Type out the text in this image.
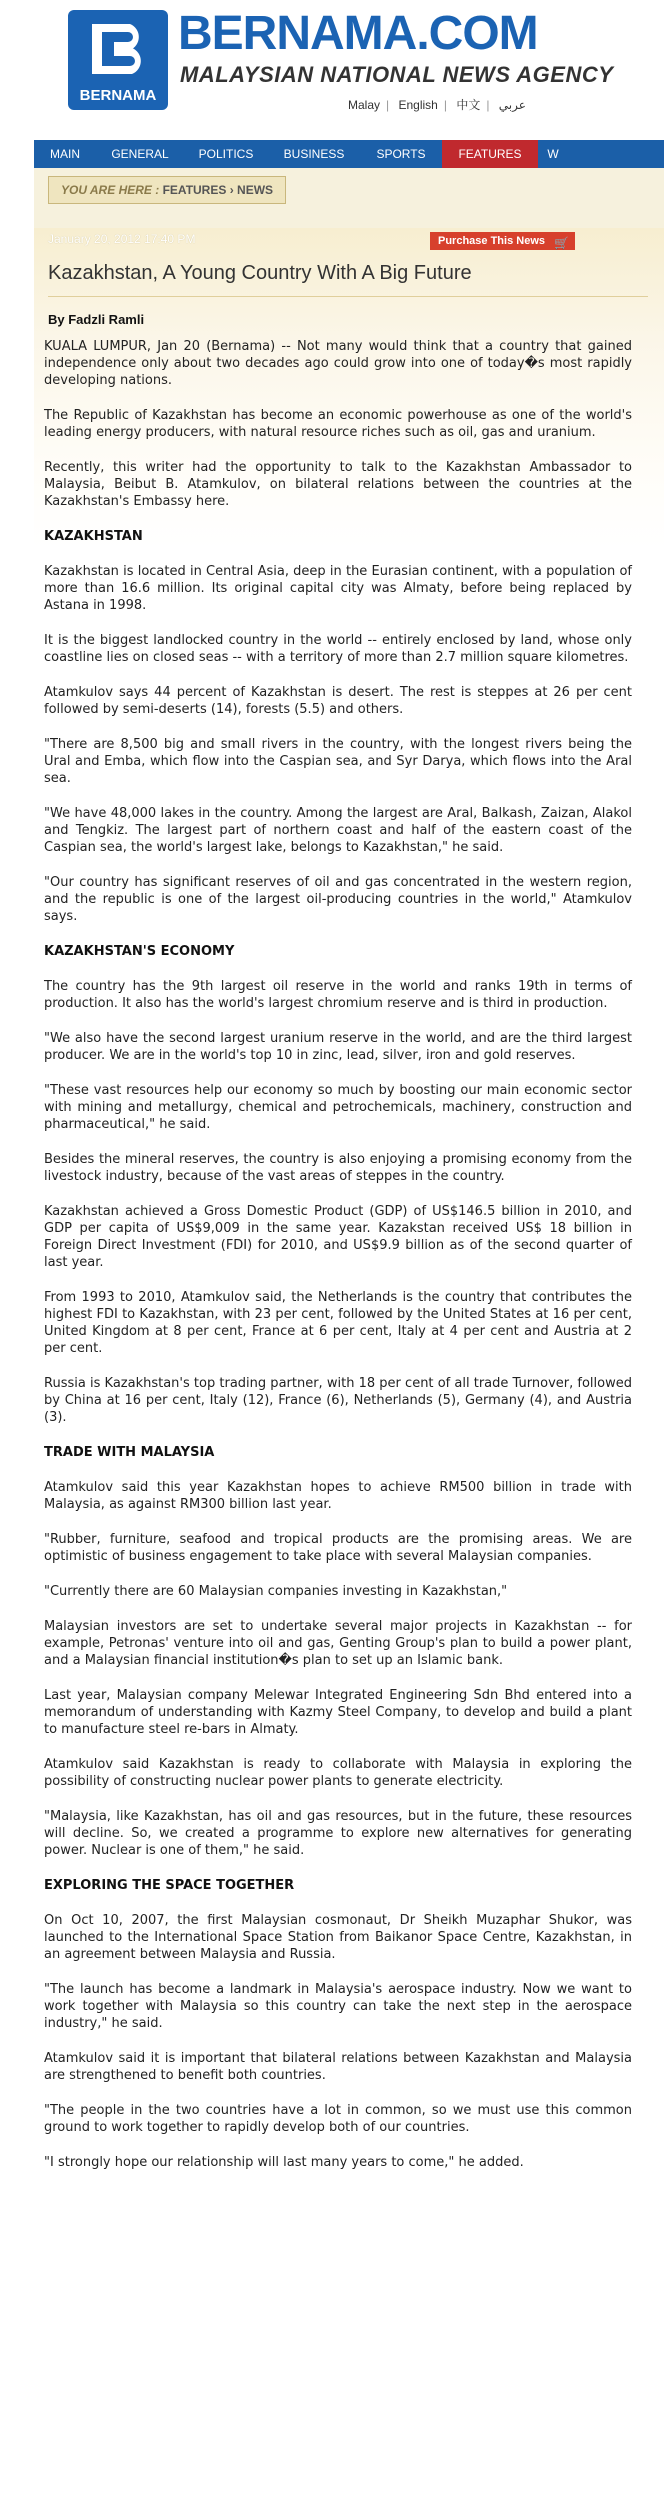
BERNAMA
BERNAMA.COM
MALAYSIAN NATIONAL NEWS AGENCY
Malay | English | 中文 | عربي
MAIN	GENERAL	POLITICS	BUSINESS	SPORTS	FEATURES	W
YOU ARE HERE : FEATURES › NEWS
January 20, 2012 17:40 PM	Purchase This News 🛒
Kazakhstan, A Young Country With A Big Future
By Fadzli Ramli

KUALA LUMPUR, Jan 20 (Bernama) -- Not many would think that a country that gained independence only about two decades ago could grow into one of today�s most rapidly developing nations.

The Republic of Kazakhstan has become an economic powerhouse as one of the world's leading energy producers, with natural resource riches such as oil, gas and uranium.

Recently, this writer had the opportunity to talk to the Kazakhstan Ambassador to Malaysia, Beibut B. Atamkulov, on bilateral relations between the countries at the Kazakhstan's Embassy here.

KAZAKHSTAN

Kazakhstan is located in Central Asia, deep in the Eurasian continent, with a population of more than 16.6 million. Its original capital city was Almaty, before being replaced by Astana in 1998.

It is the biggest landlocked country in the world -- entirely enclosed by land, whose only coastline lies on closed seas -- with a territory of more than 2.7 million square kilometres.

Atamkulov says 44 percent of Kazakhstan is desert. The rest is steppes at 26 per cent followed by semi-deserts (14), forests (5.5) and others.

"There are 8,500 big and small rivers in the country, with the longest rivers being the Ural and Emba, which flow into the Caspian sea, and Syr Darya, which flows into the Aral sea.

"We have 48,000 lakes in the country. Among the largest are Aral, Balkash, Zaizan, Alakol and Tengkiz. The largest part of northern coast and half of the eastern coast of the Caspian sea, the world's largest lake, belongs to Kazakhstan," he said.

"Our country has significant reserves of oil and gas concentrated in the western region, and the republic is one of the largest oil-producing countries in the world," Atamkulov says.

KAZAKHSTAN'S ECONOMY

The country has the 9th largest oil reserve in the world and ranks 19th in terms of production. It also has the world's largest chromium reserve and is third in production.

"We also have the second largest uranium reserve in the world, and are the third largest producer. We are in the world's top 10 in zinc, lead, silver, iron and gold reserves.

"These vast resources help our economy so much by boosting our main economic sector with mining and metallurgy, chemical and petrochemicals, machinery, construction and pharmaceutical," he said.

Besides the mineral reserves, the country is also enjoying a promising economy from the livestock industry, because of the vast areas of steppes in the country.

Kazakhstan achieved a Gross Domestic Product (GDP) of US$146.5 billion in 2010, and GDP per capita of US$9,009 in the same year. Kazakstan received US$ 18 billion in Foreign Direct Investment (FDI) for 2010, and US$9.9 billion as of the second quarter of last year.

From 1993 to 2010, Atamkulov said, the Netherlands is the country that contributes the highest FDI to Kazakhstan, with 23 per cent, followed by the United States at 16 per cent, United Kingdom at 8 per cent, France at 6 per cent, Italy at 4 per cent and Austria at 2 per cent.

Russia is Kazakhstan's top trading partner, with 18 per cent of all trade Turnover, followed by China at 16 per cent, Italy (12), France (6), Netherlands (5), Germany (4), and Austria (3).

TRADE WITH MALAYSIA

Atamkulov said this year Kazakhstan hopes to achieve RM500 billion in trade with Malaysia, as against RM300 billion last year.

"Rubber, furniture, seafood and tropical products are the promising areas. We are optimistic of business engagement to take place with several Malaysian companies.

"Currently there are 60 Malaysian companies investing in Kazakhstan,"

Malaysian investors are set to undertake several major projects in Kazakhstan -- for example, Petronas' venture into oil and gas, Genting Group's plan to build a power plant, and a Malaysian financial institution�s plan to set up an Islamic bank.

Last year, Malaysian company Melewar Integrated Engineering Sdn Bhd entered into a memorandum of understanding with Kazmy Steel Company, to develop and build a plant to manufacture steel re-bars in Almaty.

Atamkulov said Kazakhstan is ready to collaborate with Malaysia in exploring the possibility of constructing nuclear power plants to generate electricity.

"Malaysia, like Kazakhstan, has oil and gas resources, but in the future, these resources will decline. So, we created a programme to explore new alternatives for generating power. Nuclear is one of them," he said.

EXPLORING THE SPACE TOGETHER

On Oct 10, 2007, the first Malaysian cosmonaut, Dr Sheikh Muzaphar Shukor, was launched to the International Space Station from Baikanor Space Centre, Kazakhstan, in an agreement between Malaysia and Russia.

"The launch has become a landmark in Malaysia's aerospace industry. Now we want to work together with Malaysia so this country can take the next step in the aerospace industry," he said.

Atamkulov said it is important that bilateral relations between Kazakhstan and Malaysia are strengthened to benefit both countries.

"The people in the two countries have a lot in common, so we must use this common ground to work together to rapidly develop both of our countries.

"I strongly hope our relationship will last many years to come," he added.
